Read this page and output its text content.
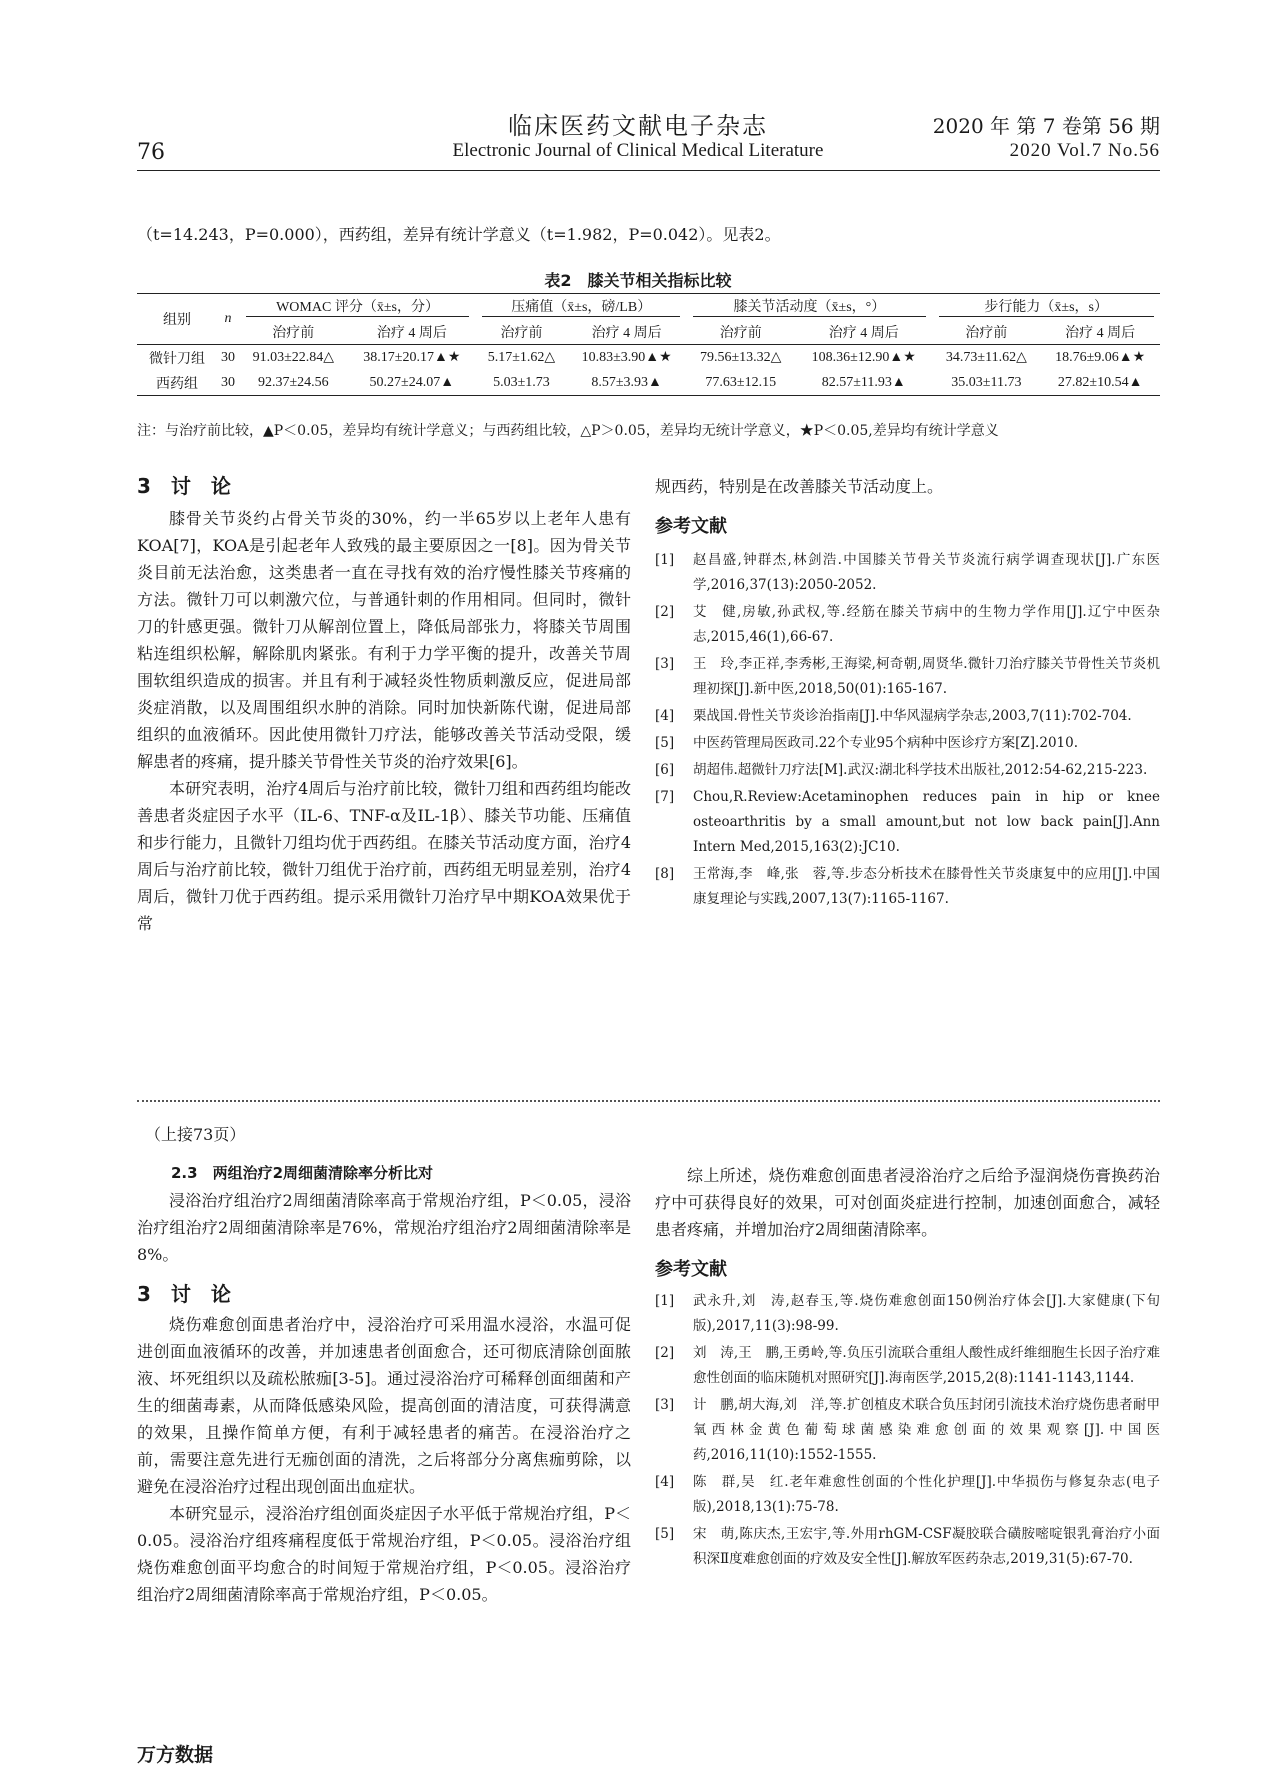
临床医药文献电子杂志
Electronic Journal of Clinical Medical Literature
76
2020 年 第 7 卷第 56 期
2020 Vol.7 No.56
（t=14.243，P=0.000），西药组，差异有统计学意义（t=1.982，P=0.042）。见表2。
表2　膝关节相关指标比较
组别	n	WOMAC 评分（x̄±s，分）		压痛值（x̄±s，磅/LB）		膝关节活动度（x̄±s，°）		步行能力（x̄±s，s）	
		治疗前	治疗 4 周后	治疗前	治疗 4 周后	治疗前	治疗 4 周后	治疗前	治疗 4 周后
微针刀组	30	91.03±22.84△	38.17±20.17▲★	5.17±1.62△	10.83±3.90▲★	79.56±13.32△	108.36±12.90▲★	34.73±11.62△	18.76±9.06▲★
西药组	30	92.37±24.56	50.27±24.07▲	5.03±1.73	8.57±3.93▲	77.63±12.15	82.57±11.93▲	35.03±11.73	27.82±10.54▲
注：与治疗前比较，▲P＜0.05，差异均有统计学意义；与西药组比较，△P＞0.05，差异均无统计学意义，★P＜0.05,差异均有统计学意义
3　讨　论
膝骨关节炎约占骨关节炎的30%，约一半65岁以上老年人患有KOA[7]，KOA是引起老年人致残的最主要原因之一[8]。因为骨关节炎目前无法治愈，这类患者一直在寻找有效的治疗慢性膝关节疼痛的方法。微针刀可以刺激穴位，与普通针刺的作用相同。但同时，微针刀的针感更强。微针刀从解剖位置上，降低局部张力，将膝关节周围粘连组织松解，解除肌肉紧张。有利于力学平衡的提升，改善关节周围软组织造成的损害。并且有利于减轻炎性物质刺激反应，促进局部炎症消散，以及周围组织水肿的消除。同时加快新陈代谢，促进局部组织的血液循环。因此使用微针刀疗法，能够改善关节活动受限，缓解患者的疼痛，提升膝关节骨性关节炎的治疗效果[6]。
本研究表明，治疗4周后与治疗前比较，微针刀组和西药组均能改善患者炎症因子水平（IL-6、TNF-α及IL-1β）、膝关节功能、压痛值和步行能力，且微针刀组均优于西药组。在膝关节活动度方面，治疗4周后与治疗前比较，微针刀组优于治疗前，西药组无明显差别，治疗4周后，微针刀优于西药组。提示采用微针刀治疗早中期KOA效果优于常
规西药，特别是在改善膝关节活动度上。
参考文献
[1] 赵昌盛,钟群杰,林剑浩.中国膝关节骨关节炎流行病学调查现状[J].广东医学,2016,37(13):2050-2052.
[2] 艾　健,房敏,孙武权,等.经筋在膝关节病中的生物力学作用[J].辽宁中医杂志,2015,46(1),66-67.
[3] 王　玲,李正祥,李秀彬,王海梁,柯奇朝,周贤华.微针刀治疗膝关节骨性关节炎机理初探[J].新中医,2018,50(01):165-167.
[4] 栗战国.骨性关节炎诊治指南[J].中华风湿病学杂志,2003,7(11):702-704.
[5] 中医药管理局医政司.22个专业95个病种中医诊疗方案[Z].2010.
[6] 胡超伟.超微针刀疗法[M].武汉:湖北科学技术出版社,2012:54-62,215-223.
[7] Chou,R.Review:Acetaminophen reduces pain in hip or knee osteoarthritis by a small amount,but not low back pain[J].Ann Intern Med,2015,163(2):JC10.
[8] 王常海,李　峰,张　蓉,等.步态分析技术在膝骨性关节炎康复中的应用[J].中国康复理论与实践,2007,13(7):1165-1167.
（上接73页）
2.3　两组治疗2周细菌清除率分析比对
浸浴治疗组治疗2周细菌清除率高于常规治疗组，P＜0.05，浸浴治疗组治疗2周细菌清除率是76%，常规治疗组治疗2周细菌清除率是8%。
3　讨　论
烧伤难愈创面患者治疗中，浸浴治疗可采用温水浸浴，水温可促进创面血液循环的改善，并加速患者创面愈合，还可彻底清除创面脓液、坏死组织以及疏松脓痂[3-5]。通过浸浴治疗可稀释创面细菌和产生的细菌毒素，从而降低感染风险，提高创面的清洁度，可获得满意的效果，且操作简单方便，有利于减轻患者的痛苦。在浸浴治疗之前，需要注意先进行无痂创面的清洗，之后将部分分离焦痂剪除，以避免在浸浴治疗过程出现创面出血症状。
本研究显示，浸浴治疗组创面炎症因子水平低于常规治疗组，P＜0.05。浸浴治疗组疼痛程度低于常规治疗组，P＜0.05。浸浴治疗组烧伤难愈创面平均愈合的时间短于常规治疗组，P＜0.05。浸浴治疗组治疗2周细菌清除率高于常规治疗组，P＜0.05。
综上所述，烧伤难愈创面患者浸浴治疗之后给予湿润烧伤膏换药治疗中可获得良好的效果，可对创面炎症进行控制，加速创面愈合，减轻患者疼痛，并增加治疗2周细菌清除率。
参考文献
[1] 武永升,刘　涛,赵春玉,等.烧伤难愈创面150例治疗体会[J].大家健康(下旬版),2017,11(3):98-99.
[2] 刘　涛,王　鹏,王勇岭,等.负压引流联合重组人酸性成纤维细胞生长因子治疗难愈性创面的临床随机对照研究[J].海南医学,2015,2(8):1141-1143,1144.
[3] 计　鹏,胡大海,刘　洋,等.扩创植皮术联合负压封闭引流技术治疗烧伤患者耐甲氧西林金黄色葡萄球菌感染难愈创面的效果观察[J].中国医药,2016,11(10):1552-1555.
[4] 陈　群,吴　红.老年难愈性创面的个性化护理[J].中华损伤与修复杂志(电子版),2018,13(1):75-78.
[5] 宋　萌,陈庆杰,王宏宇,等.外用rhGM-CSF凝胶联合磺胺嘧啶银乳膏治疗小面积深Ⅱ度难愈创面的疗效及安全性[J].解放军医药杂志,2019,31(5):67-70.
万方数据
